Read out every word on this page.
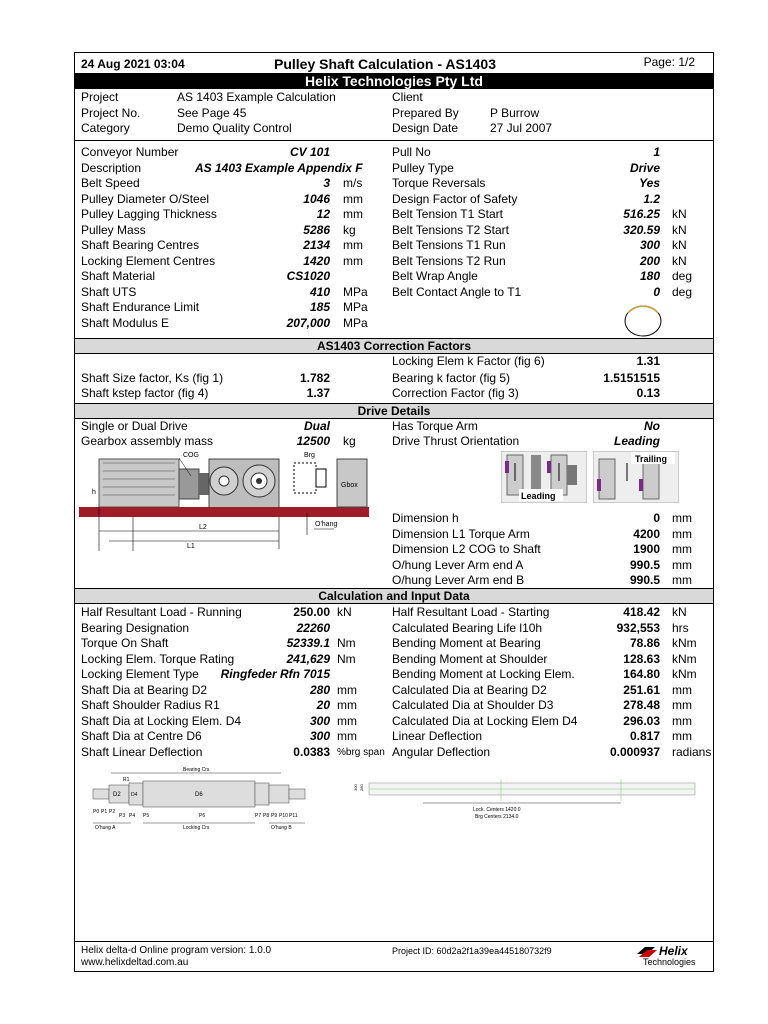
24 Aug 2021 03:04	Pulley Shaft Calculation - AS1403	Page: 1/2
Helix Technologies Pty Ltd
Project	AS 1403 Example Calculation
Project No.	See Page 45
Category	Demo Quality Control
Client
Prepared By	P Burrow
Design Date	27 Jul 2007
Conveyor Number	CV 101
Description	AS 1403 Example Appendix F
Belt Speed	3 m/s
Pulley Diameter O/Steel	1046 mm
Pulley Lagging Thickness	12 mm
Pulley Mass	5286 kg
Shaft Bearing Centres	2134 mm
Locking Element Centres	1420 mm
Shaft Material	CS1020
Shaft UTS	410 MPa
Shaft Endurance Limit	185 MPa
Shaft Modulus E	207,000 MPa
Pull No	1
Pulley Type	Drive
Torque Reversals	Yes
Design Factor of Safety	1.2
Belt Tension T1 Start	516.25 kN
Belt Tensions T2 Start	320.59 kN
Belt Tensions T1 Run	300 kN
Belt Tensions T2 Run	200 kN
Belt Wrap Angle	180 deg
Belt Contact Angle to T1	0 deg
AS1403 Correction Factors
Locking Elem k Factor (fig 6)	1.31
Shaft Size factor, Ks (fig 1)	1.782	Bearing k factor (fig 5)	1.5151515
Shaft kstep factor (fig 4)	1.37	Correction Factor (fig 3)	0.13
Drive Details
Single or Dual Drive	Dual
Gearbox assembly mass	12500 kg
Has Torque Arm	No
Drive Thrust Orientation	Leading
COG	Brg
Gbox
O'hang
h
L2
L1
Leading
Trailing
Dimension h	0 mm
Dimension L1 Torque Arm	4200 mm
Dimension L2 COG to Shaft	1900 mm
O/hung Lever Arm end A	990.5 mm
O/hung Lever Arm end B	990.5 mm
Calculation and Input Data
Half Resultant Load - Running	250.00 kN
Bearing Designation	22260
Torque On Shaft	52339.1 Nm
Locking Elem. Torque Rating	241,629 Nm
Locking Element Type	Ringfeder Rfn 7015
Shaft Dia at Bearing D2	280 mm
Shaft Shoulder Radius R1	20 mm
Shaft Dia at Locking Elem. D4	300 mm
Shaft Dia at Centre D6	300 mm
Shaft Linear Deflection	0.0383 %brg span
Half Resultant Load - Starting	418.42 kN
Calculated Bearing Life l10h	932,553 hrs
Bending Moment at Bearing	78.86 kNm
Bending Moment at Shoulder	128.63 kNm
Bending Moment at Locking Elem.	164.80 kNm
Calculated Dia at Bearing D2	251.61 mm
Calculated Dia at Shoulder D3	278.48 mm
Calculated Dia at Locking Elem D4	296.03 mm
Linear Deflection	0.817 mm
Angular Deflection	0.000937 radians
Bearing Crs
D2 D4	D6
R1
P0 P1 P2
P3 P4 P5	P6	P7 P8 P9 P10 P11
O'hung A	Locking Crs	O'hung B
300 280
Lock. Centers 1420.0
Brg Centers 2134.0
Helix delta-d Online program version: 1.0.0
www.helixdeltad.com.au
Project ID: 60d2a2f1a39ea445180732f9	Helix
Technologies
